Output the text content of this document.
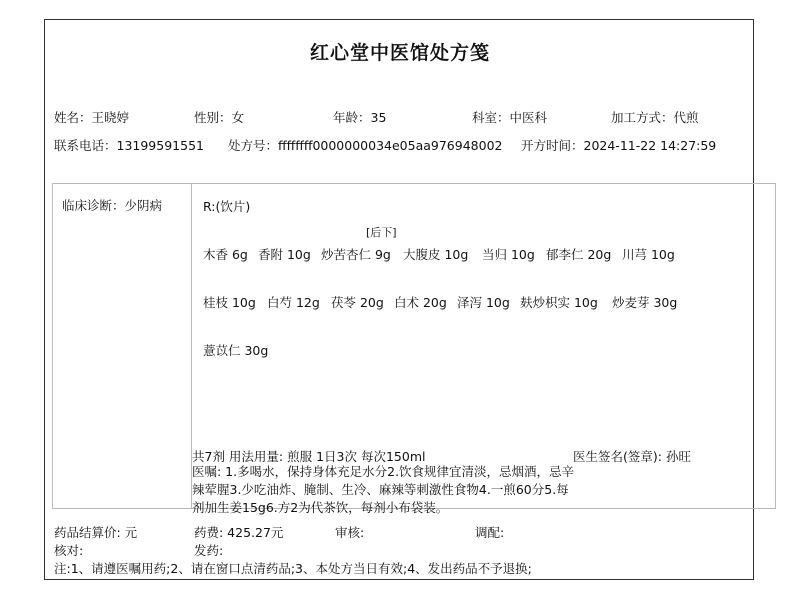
红心堂中医馆处方笺
姓名：王晓婷	性别：女	年龄：35	科室：中医科	加工方式：代煎
联系电话：13199591551 处方号：ffffffff0000000034e05aa976948002 开方时间：2024-11-22 14:27:59
临床诊断：少阴病	R:(饮片)
[后下]
木香 6g 香附 10g 炒苦杏仁 9g 大腹皮 10g 当归 10g 郁李仁 20g 川芎 10g
桂枝 10g 白芍 12g 茯苓 20g 白术 20g 泽泻 10g 麸炒枳实 10g 炒麦芽 30g
薏苡仁 30g
共7剂 用法用量: 煎服 1日3次 每次150ml	医生签名(签章): 孙旺
医嘱: 1.多喝水，保持身体充足水分2.饮食规律宜清淡，忌烟酒，忌辛辣荤腥3.少吃油炸、腌制、生冷、麻辣等刺激性食物4.一煎60分5.每剂加生姜15g6.方2为代茶饮，每剂小布袋装。
药品结算价: 元	药费: 425.27元	审核:	调配:
核对:	发药:
注:1、请遵医嘱用药;2、请在窗口点清药品;3、本处方当日有效;4、发出药品不予退换;
